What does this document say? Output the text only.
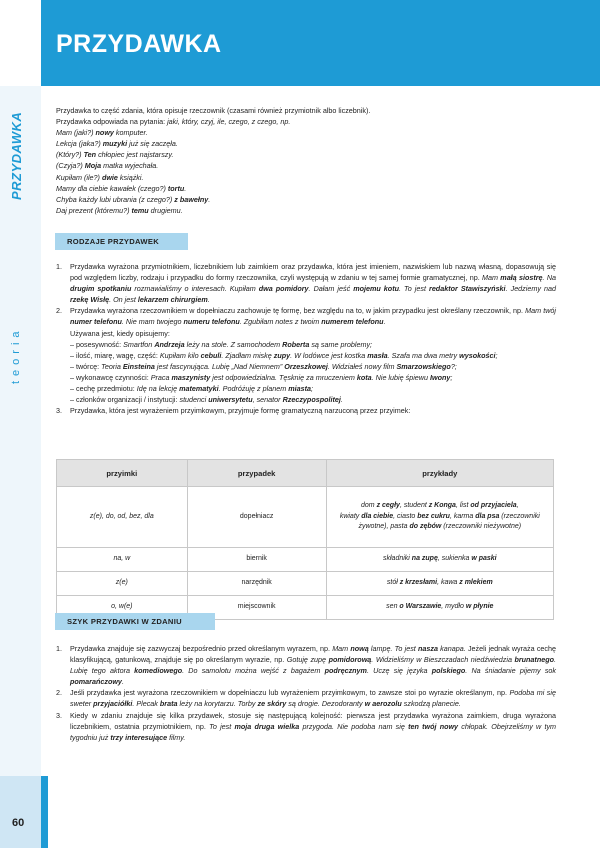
PRZYDAWKA
PRZYDAWKA
teoria
60

Przydawka to część zdania, która opisuje rzeczownik (czasami również przymiotnik albo liczebnik).

Przydawka odpowiada na pytania: jaki, który, czyj, ile, czego, z czego, np.

Mam (jaki?) nowy komputer.

Lekcja (jaka?) muzyki już się zaczęła.

(Który?) Ten chłopiec jest najstarszy.

(Czyja?) Moja matka wyjechała.

Kupiłam (ile?) dwie książki.

Mamy dla ciebie kawałek (czego?) tortu.

Chyba każdy lubi ubrania (z czego?) z bawełny.

Daj prezent (któremu?) temu drugiemu.

RODZAJE PRZYDAWEK
1. Przydawka wyrażona przymiotnikiem, liczebnikiem lub zaimkiem oraz przydawka, która jest imieniem, nazwiskiem lub nazwą własną, dopasowują się pod względem liczby, rodzaju i przypadku do formy rzeczownika, czyli występują w zdaniu w tej samej formie gramatycznej, np. Mam małą siostrę. Na drugim spotkaniu rozmawialiśmy o interesach. Kupiłam dwa pomidory. Dałam jeść mojemu kotu. To jest redaktor Stawiszyński. Jedziemy nad rzekę Wisłę. On jest lekarzem chirurgiem.
2. Przydawka wyrażona rzeczownikiem w dopełniaczu zachowuje tę formę, bez względu na to, w jakim przypadku jest określany rzeczownik, np. Mam twój numer telefonu. Nie mam twojego numeru telefonu. Zgubiłam notes z twoim numerem telefonu.
Używana jest, kiedy opisujemy:
– posesywność: Smartfon Andrzeja leży na stole. Z samochodem Roberta są same problemy;
– ilość, miarę, wagę, część: Kupiłam kilo cebuli. Zjadłam miskę zupy. W lodówce jest kostka masła. Szafa ma dwa metry wysokości;
– twórcę: Teoria Einsteina jest fascynująca. Lubię „Nad Niemnem” Orzeszkowej. Widziałeś nowy film Smarzowskiego?;
– wykonawcę czynności: Praca maszynisty jest odpowiedzialna. Tęsknię za mruczeniem kota. Nie lubię śpiewu Iwony;
– cechę przedmiotu: Idę na lekcję matematyki. Podróżuję z planem miasta;
– członków organizacji / instytucji: studenci uniwersytetu, senator Rzeczypospolitej.
3. Przydawka, która jest wyrażeniem przyimkowym, przyjmuje formę gramatyczną narzuconą przez przyimek:
przyimki	przypadek	przykłady
z(e), do, od, bez, dla	dopełniacz	dom z cegły, student z Konga, list od przyjaciela,
kwiaty dla ciebie, ciasto bez cukru, karma dla psa (rzeczowniki
żywotne), pasta do zębów (rzeczowniki nieżywotne)
na, w	biernik	składniki na zupę, sukienka w paski
z(e)	narzędnik	stół z krzesłami, kawa z mlekiem
o, w(e)	miejscownik	sen o Warszawie, mydło w płynie
SZYK PRZYDAWKI W ZDANIU
1. Przydawka znajduje się zazwyczaj bezpośrednio przed określanym wyrazem, np. Mam nową lampę. To jest nasza kanapa. Jeżeli jednak wyraża cechę klasyfikującą, gatunkową, znajduje się po określanym wyrazie, np. Gotuję zupę pomidorową. Widzieliśmy w Bieszczadach niedźwiedzia brunatnego. Lubię tego aktora komediowego. Do samolotu można wejść z bagażem podręcznym. Uczę się języka polskiego. Na śniadanie pijemy sok pomarańczowy.
2. Jeśli przydawka jest wyrażona rzeczownikiem w dopełniaczu lub wyrażeniem przyimkowym, to zawsze stoi po wyrazie określanym, np. Podoba mi się sweter przyjaciółki. Plecak brata leży na korytarzu. Torby ze skóry są drogie. Dezodoranty w aerozolu szkodzą planecie.
3. Kiedy w zdaniu znajduje się kilka przydawek, stosuje się następującą kolejność: pierwsza jest przydawka wyrażona zaimkiem, druga wyrażona liczebnikiem, ostatnia przymiotnikiem, np. To jest moja druga wielka przygoda. Nie podoba nam się ten twój nowy chłopak. Obejrzeliśmy w tym tygodniu już trzy interesujące filmy.
